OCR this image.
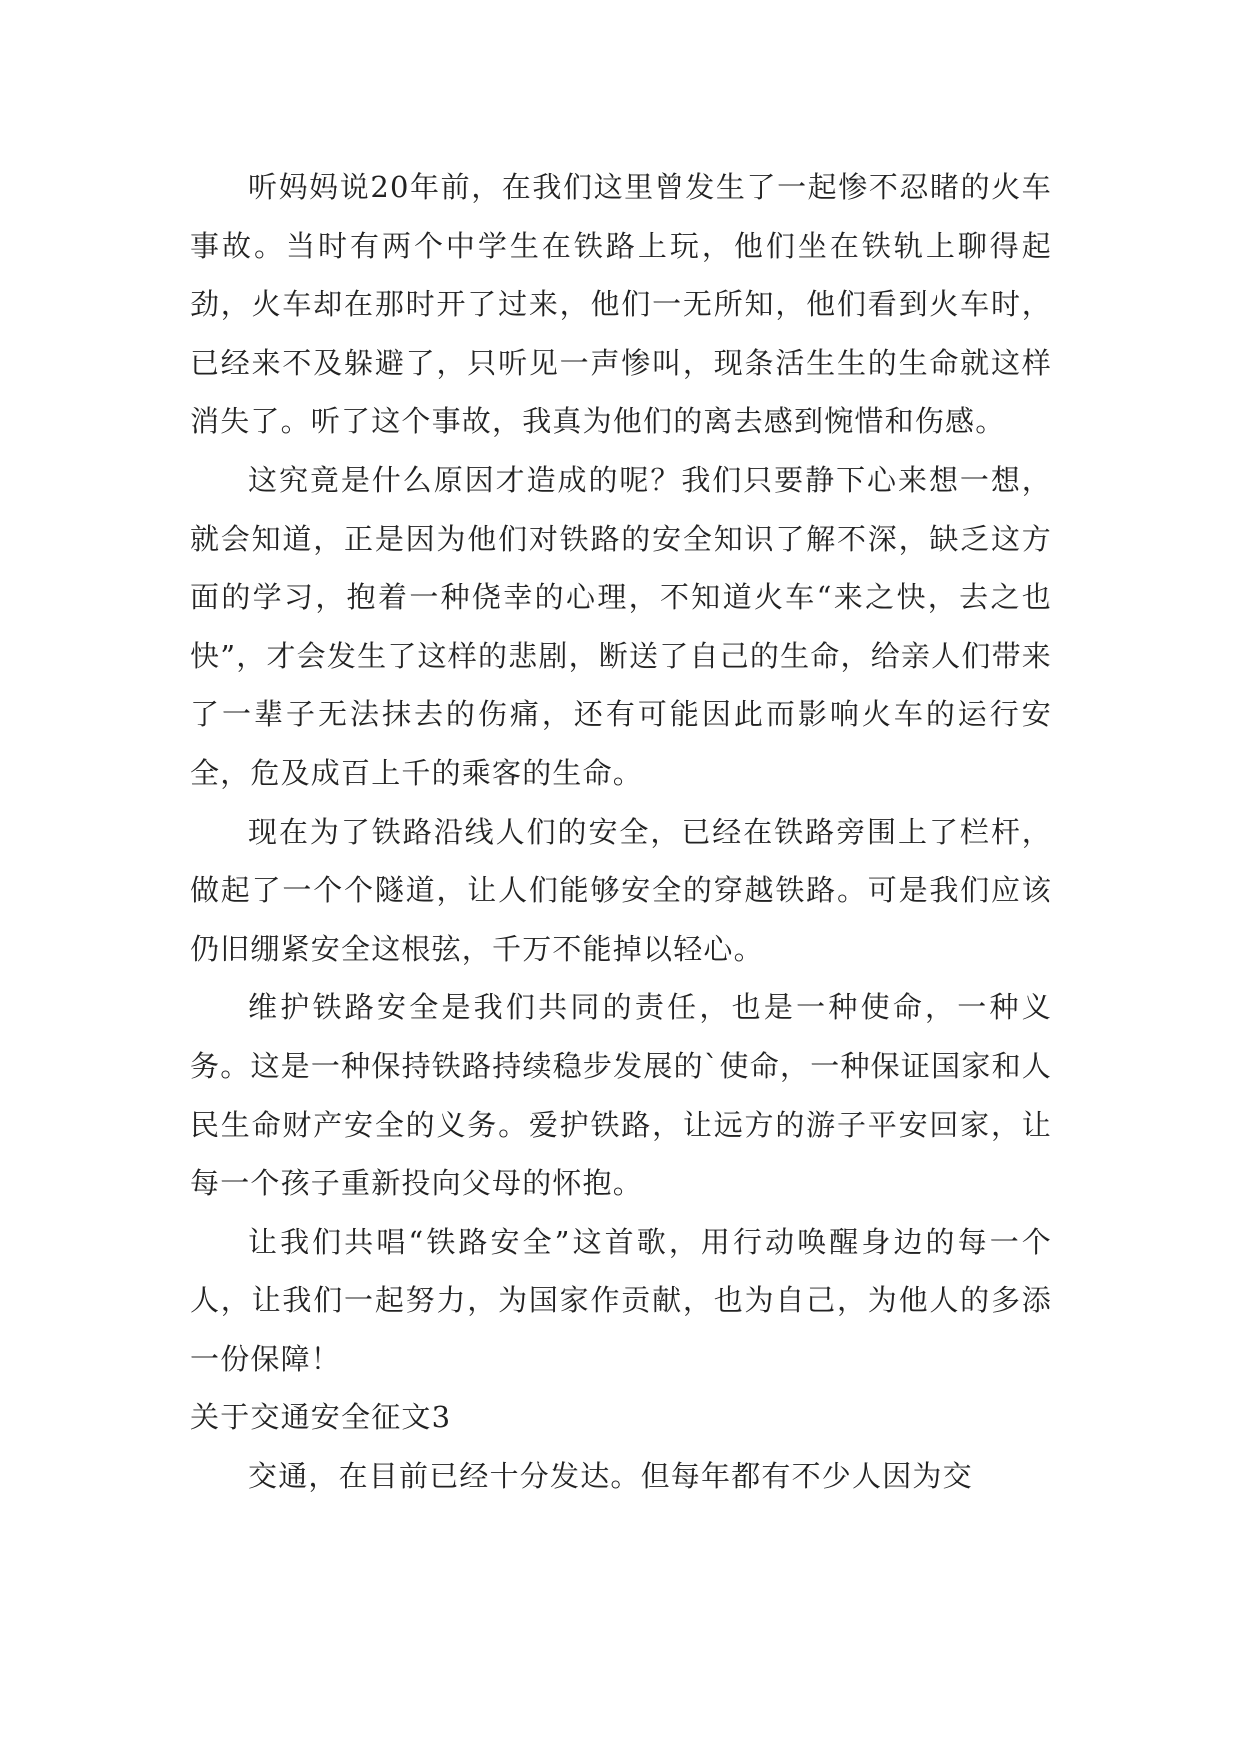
听妈妈说20年前，在我们这里曾发生了一起惨不忍睹的火车事故。当时有两个中学生在铁路上玩，他们坐在铁轨上聊得起劲，火车却在那时开了过来，他们一无所知，他们看到火车时，已经来不及躲避了，只听见一声惨叫，现条活生生的生命就这样消失了。听了这个事故，我真为他们的离去感到惋惜和伤感。

这究竟是什么原因才造成的呢？我们只要静下心来想一想，就会知道，正是因为他们对铁路的安全知识了解不深，缺乏这方面的学习，抱着一种侥幸的心理，不知道火车“来之快，去之也快”，才会发生了这样的悲剧，断送了自己的生命，给亲人们带来了一辈子无法抹去的伤痛，还有可能因此而影响火车的运行安全，危及成百上千的乘客的生命。

现在为了铁路沿线人们的安全，已经在铁路旁围上了栏杆，做起了一个个隧道，让人们能够安全的穿越铁路。可是我们应该仍旧绷紧安全这根弦，千万不能掉以轻心。

维护铁路安全是我们共同的责任，也是一种使命，一种义务。这是一种保持铁路持续稳步发展的`使命，一种保证国家和人民生命财产安全的义务。爱护铁路，让远方的游子平安回家，让每一个孩子重新投向父母的怀抱。

让我们共唱“铁路安全”这首歌，用行动唤醒身边的每一个人，让我们一起努力，为国家作贡献，也为自己，为他人的多添一份保障！

关于交通安全征文3

交通，在目前已经十分发达。但每年都有不少人因为交
